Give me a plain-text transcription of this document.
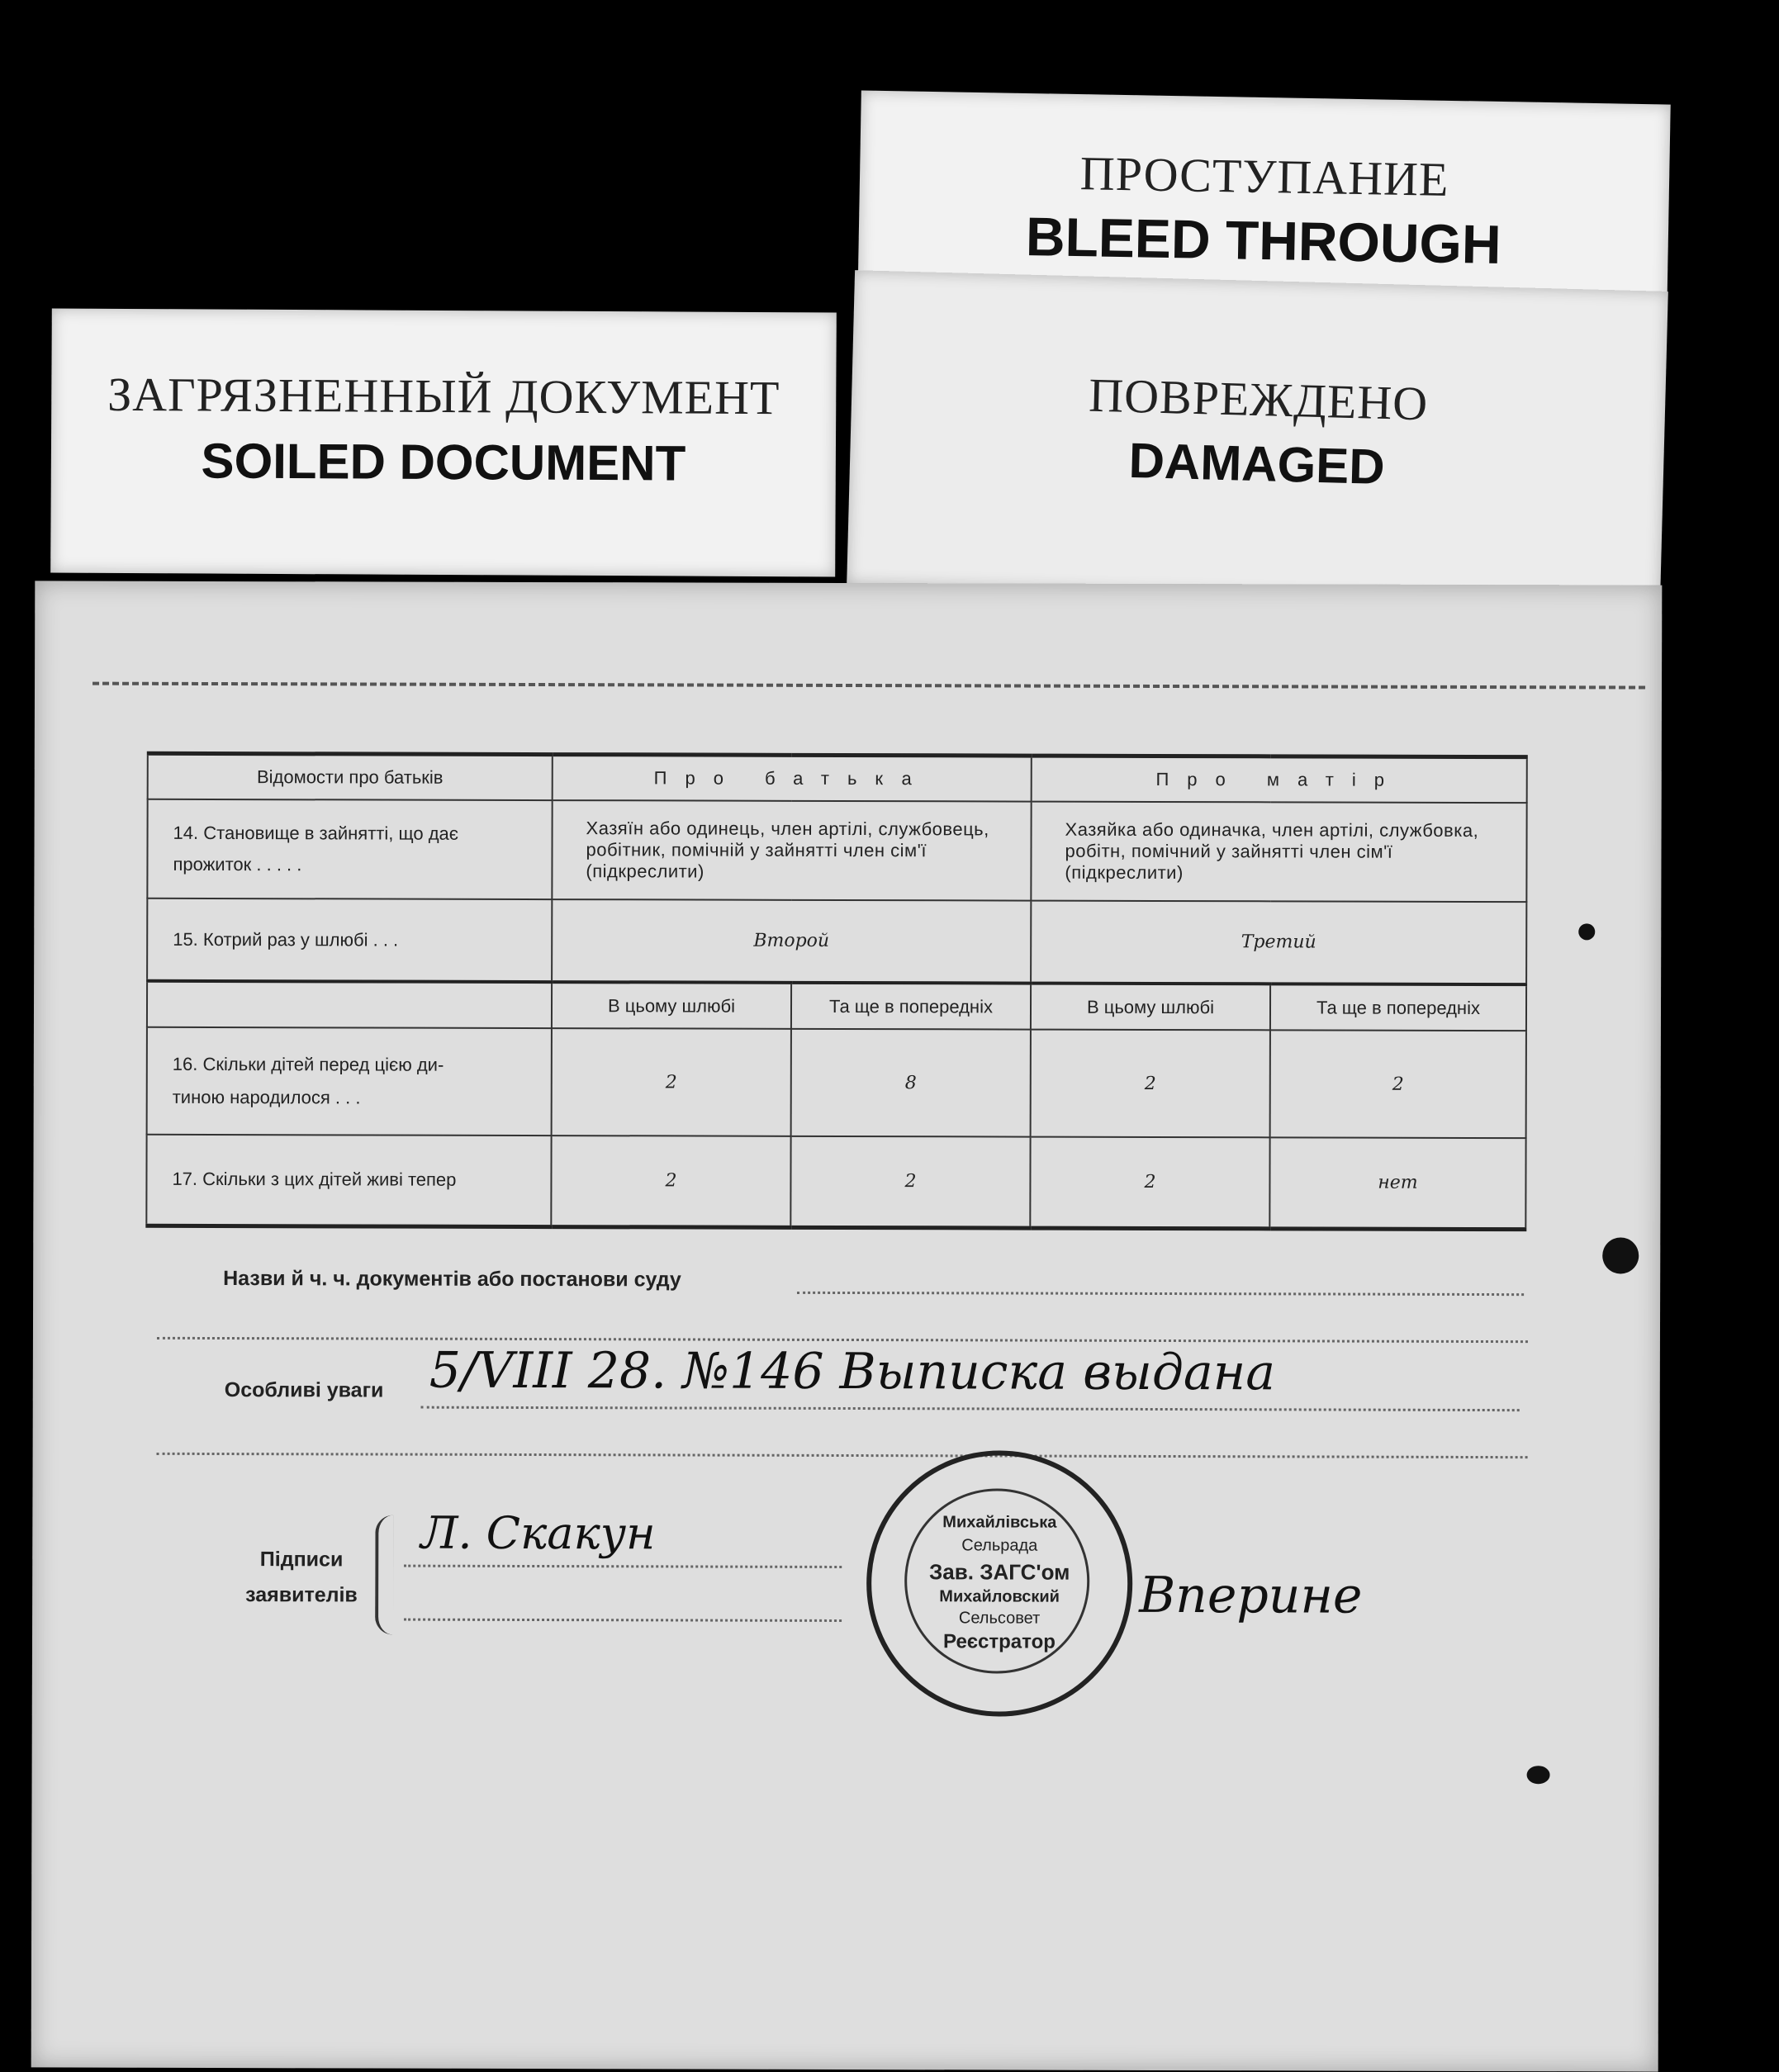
ЗАГРЯЗНЕННЫЙ ДОКУМЕНТ
SOILED DOCUMENT
ПРОСТУПАНИЕ
BLEED THROUGH
ПОВРЕЖДЕНО
DAMAGED
Відомости про батьків	Про батька		Про матір	

14. Становище в зайнятті, що дає
прожиток . . . . .	Хазяїн або одинець, член артілі, службовець, робітник, помічній у зайнятті член сім'ї (підкреслити)		Хазяйка або одиначка, член артілі, службовка, робітн, помічний у зайнятті член сім'ї (підкреслити)	
15. Котрий раз у шлюбі . . .	Второй		Третий	
	В цьому шлюбі	Та ще в попередніх	В цьому шлюбі	Та ще в попередніх

16. Скільки дітей перед цією ди-
тиною народилося . . .	2	8	2	2
17. Скільки з цих дітей живі тепер	2	2	2	нет
Назви й ч. ч. документів або постанови суду
Особливі уваги 5/VIII 28. №146 Выписка выдана
Підписи
заявителів
Л. Скакун
Вперине
Михайлівська
Сельрада
Зав. ЗАГС'ом
Михайловский
Сельсовет
Реєстратор
